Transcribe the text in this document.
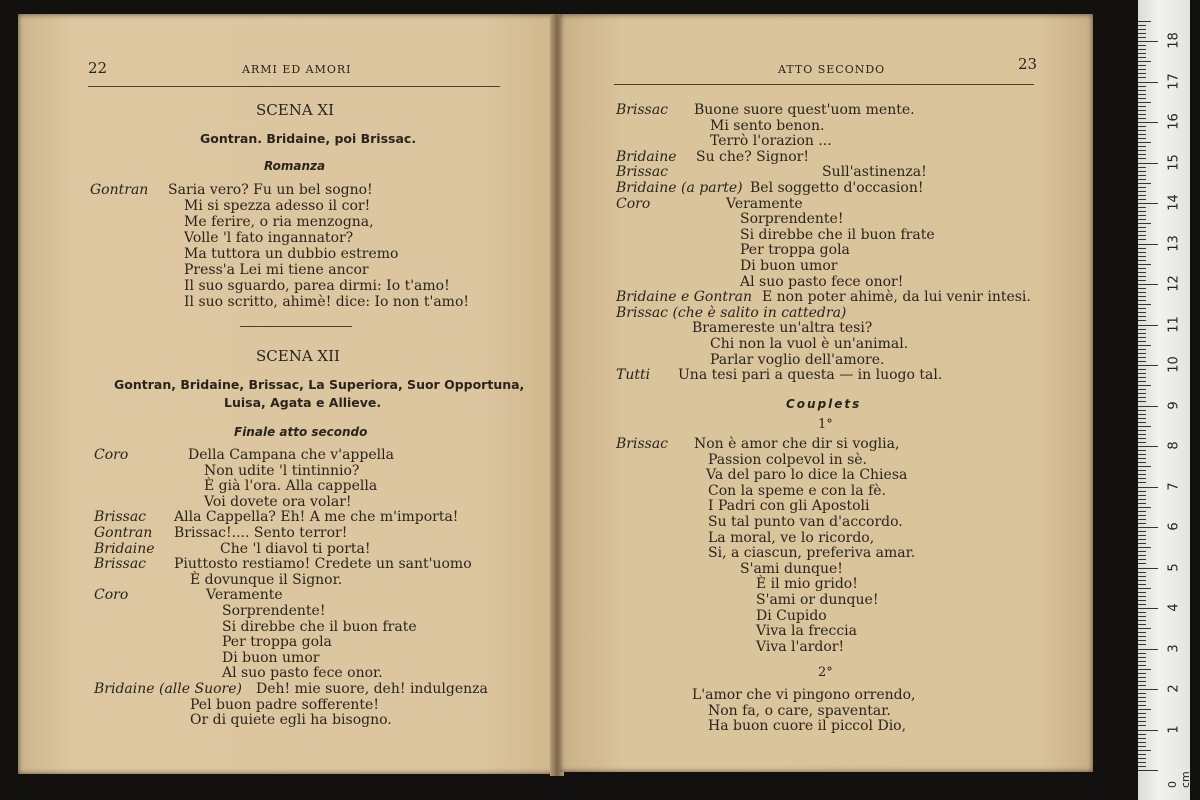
22	ARMI ED AMORI
SCENA XI
Gontran. Bridaine, poi Brissac.
Romanza
Gontran Saria vero? Fu un bel sogno!
Mi si spezza adesso il cor!
Me ferire, o ria menzogna,
Volle 'l fato ingannator?
Ma tuttora un dubbio estremo
Press'a Lei mi tiene ancor
Il suo sguardo, parea dirmi: Io t'amo!
Il suo scritto, ahimè! dice: Io non t'amo!
SCENA XII
Gontran, Bridaine, Brissac, La Superiora, Suor Opportuna,
Luisa, Agata e Allieve.
Finale atto secondo
Coro	Della Campana che v'appella
Non udite 'l tintinnio?
È già l'ora. Alla cappella
Voi dovete ora volar!
Brissac Alla Cappella? Eh! A me che m'importa!
Gontran Brissac!.... Sento terror!
Bridaine	Che 'l diavol ti porta!
Brissac Piuttosto restiamo! Credete un sant'uomo
È dovunque il Signor.
Coro	Veramente
Sorprendente!
Si direbbe che il buon frate
Per troppa gola
Di buon umor
Al suo pasto fece onor.
Bridaine (alle Suore) Deh! mie suore, deh! indulgenza
Pel buon padre sofferente!
Or di quiete egli ha bisogno.
ATTO SECONDO	23
Brissac Buone suore quest'uom mente.
Mi sento benon.
Terrò l'orazion ...
Bridaine Su che? Signor!
Brissac	Sull'astinenza!
Bridaine (a parte) Bel soggetto d'occasion!
Coro	Veramente
Sorprendente!
Si direbbe che il buon frate
Per troppa gola
Di buon umor
Al suo pasto fece onor!
Bridaine e Gontran E non poter ahimè, da lui venir intesi.
Brissac (che è salito in cattedra)
Bramereste un'altra tesi?
Chi non la vuol è un'animal.
Parlar voglio dell'amore.
Tutti Una tesi pari a questa — in luogo tal.
Couplets
1°
Brissac Non è amor che dir si voglia,
Passion colpevol in sè.
Va del paro lo dice la Chiesa
Con la speme e con la fè.
I Padri con gli Apostoli
Su tal punto van d'accordo.
La moral, ve lo ricordo,
Si, a ciascun, preferiva amar.
S'ami dunque!
È il mio grido!
S'ami or dunque!
Di Cupido
Viva la freccia
Viva l'ardor!
2°
L'amor che vi pingono orrendo,
Non fa, o care, spaventar.
Ha buon cuore il piccol Dio,	1
2
3
4
5
6
7
8
9
10
11
12
13
14
15
16
17
18
0 cm
